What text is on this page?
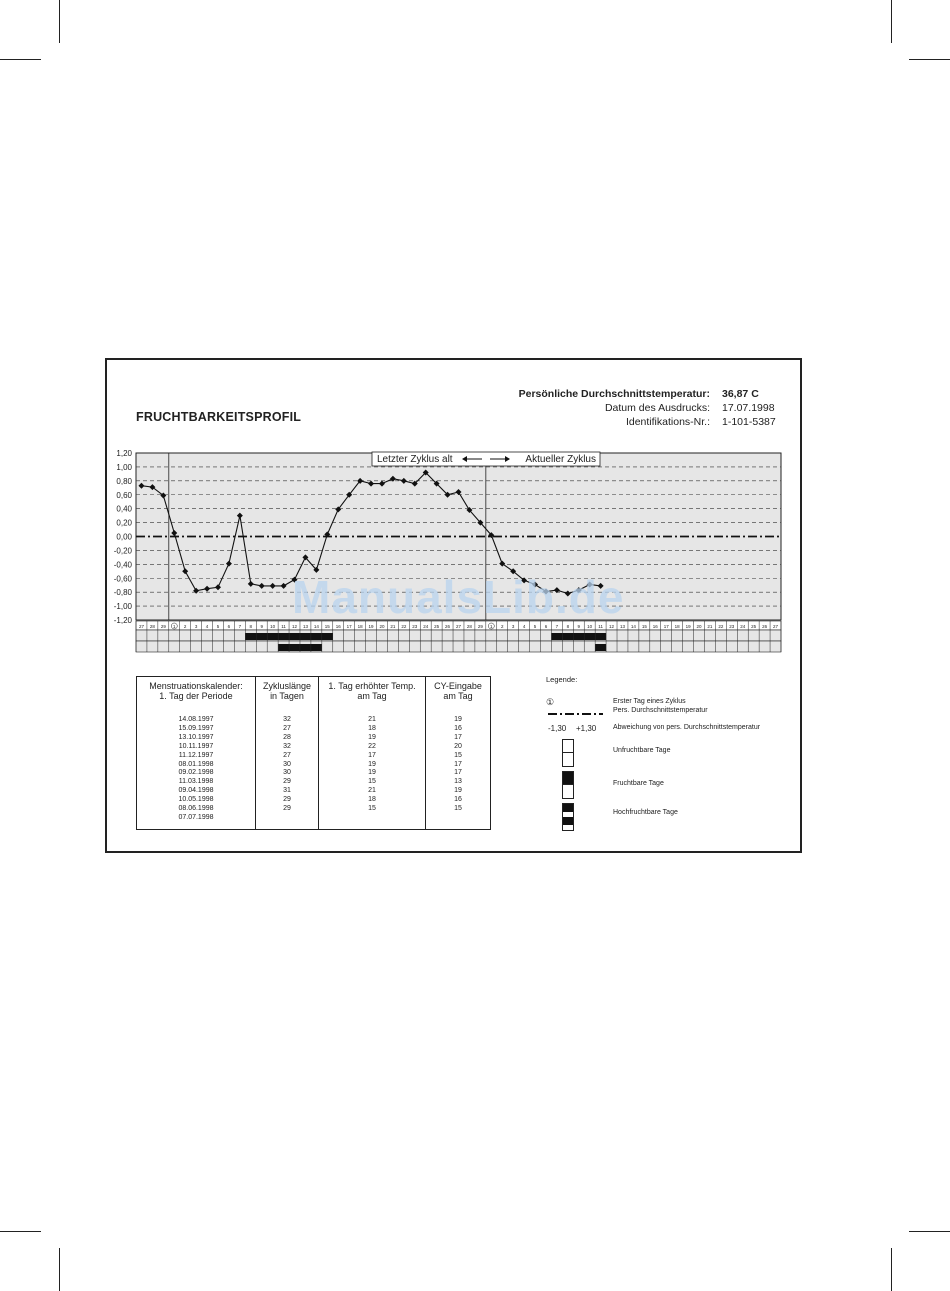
FRUCHTBARKEITSPROFIL
Persönliche Durchschnittstemperatur: 36,87 C
Datum des Ausdrucks: 17.07.1998
Identifikations-Nr.: 1-101-5387
1,20
1,00
0,80
0,60
0,40
0,20
0,00
-0,20
-0,40
-0,60
-0,80
-1,00
-1,20
Letzter Zyklus alt	Aktueller Zyklus
27 28 29 1 2 3 4 5 6 7 8 9 10 11 12 13 14 15 16 17 18 19 20 21 22 23 24 25 26 27 28 29 1 2 3 4 5 6 7 8 9 10 11 12 13 14 15 16 17 18 19 20 21 22 23 24 25 26 27
ManualsLib.de
Menstruationskalender:
1. Tag der Periode
14.08.1997
15.09.1997
13.10.1997
10.11.1997
11.12.1997
08.01.1998
09.02.1998
11.03.1998
09.04.1998
10.05.1998
08.06.1998
07.07.1998
Zykluslänge
in Tagen
32
27
28
32
27
30
30
29
31
29
29
1. Tag erhöhter Temp.
am Tag
21
18
19
22
17
19
19
15
21
18
15
CY-Eingabe
am Tag
19
16
17
20
15
17
17
13
19
16
15
Legende:
①	Erster Tag eines Zyklus
Pers. Durchschnittstemperatur
-1,30 +1,30 Abweichung von pers. Durchschnittstemperatur
Unfruchtbare Tage
Fruchtbare Tage
Hochfruchtbare Tage
